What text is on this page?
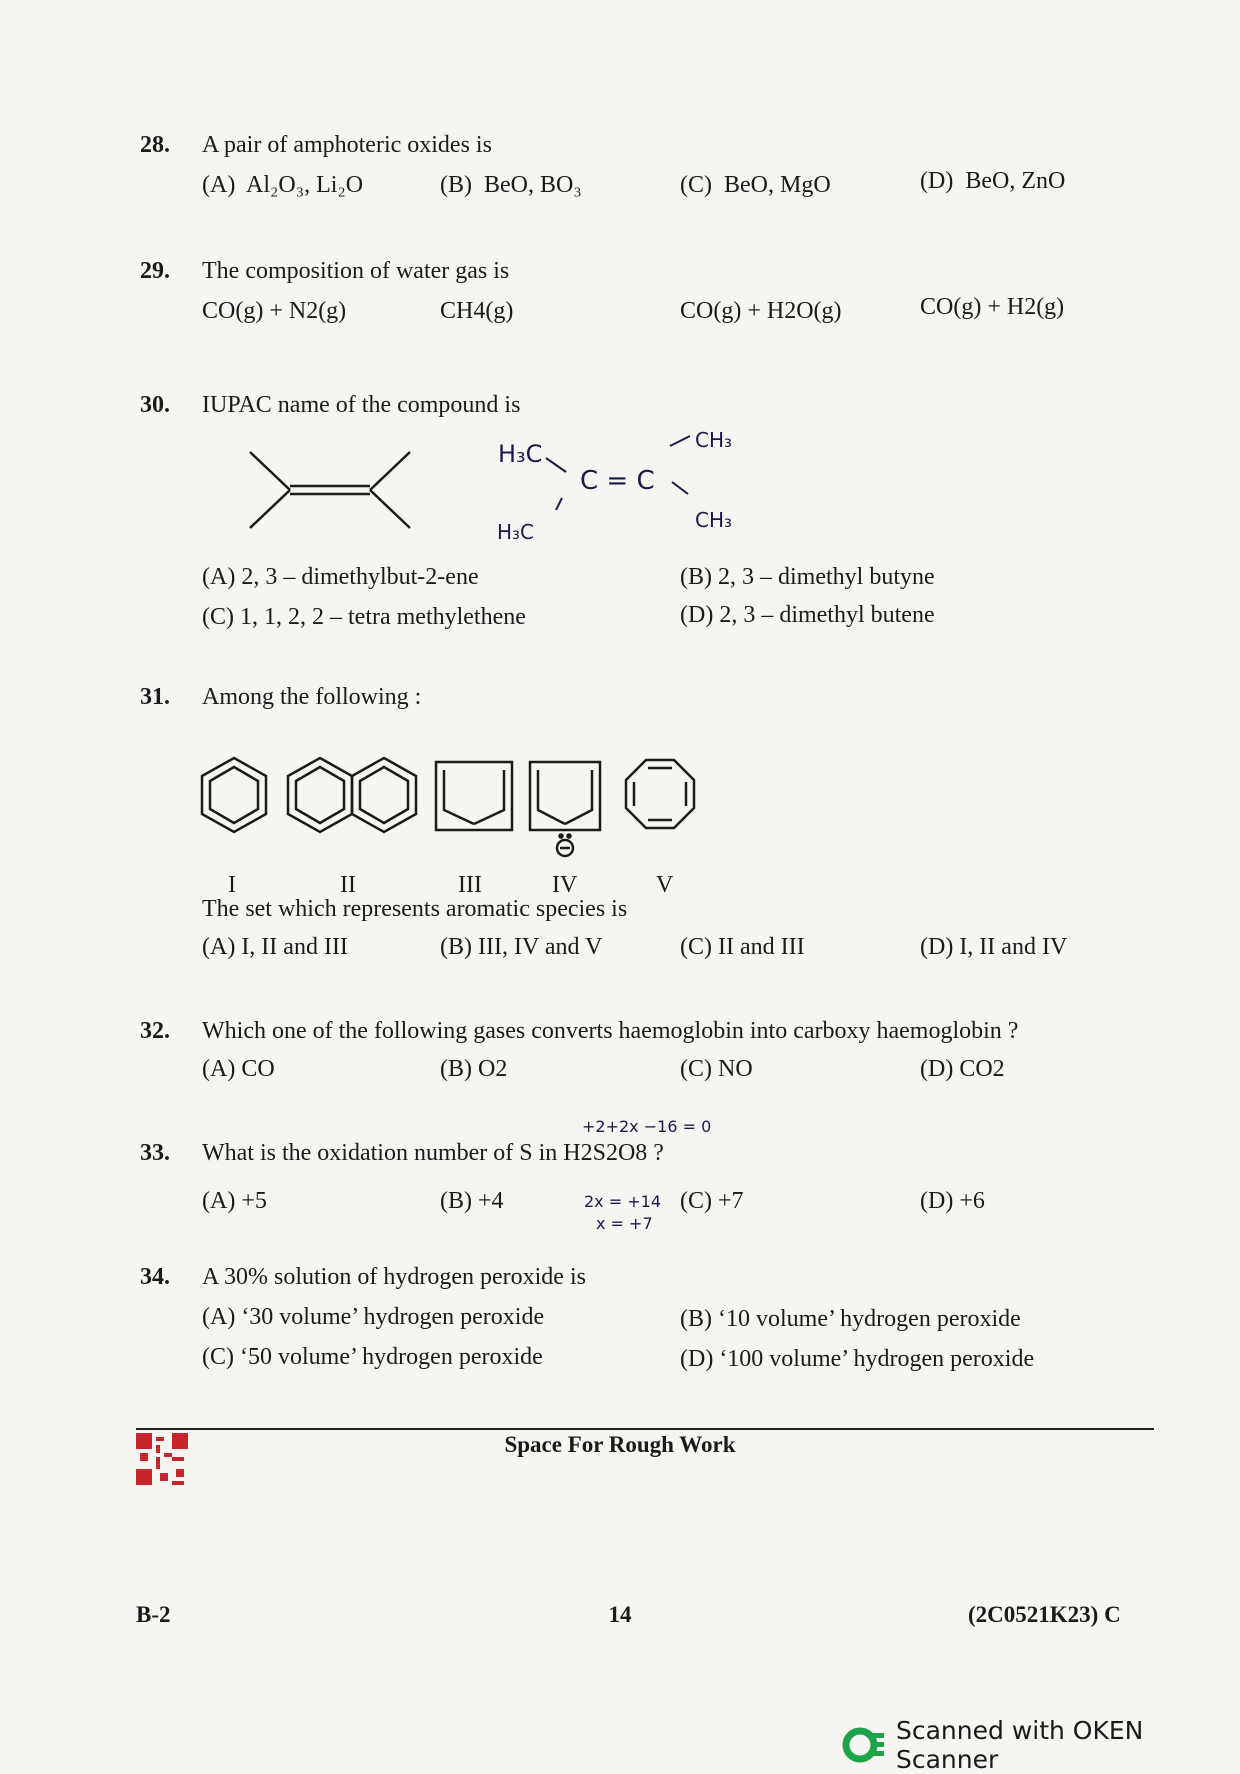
28.	A pair of amphoteric oxides is
(A)  Al₂O₃, Li₂O	(B)  BeO, BO₃	(C)  BeO, MgO	(D)  BeO, ZnO
29.	The composition of water gas is
CO(g) + N2(g)	CH4(g)	CO(g) + H2O(g)	CO(g) + H2(g)
30.	IUPAC name of the compound is
(A) 2, 3 – dimethylbut-2-ene	(B) 2, 3 – dimethyl butyne
(C) 1, 1, 2, 2 – tetra methylethene	(D) 2, 3 – dimethyl butene
H₃C
C = C
CH₃
CH₃
H₃C
31.	Among the following :
The set which represents aromatic species is
(A) I, II and III	(B) III, IV and V	(C) II and III	(D) I, II and IV
I	II	III	IV	V
32.	Which one of the following gases converts haemoglobin into carboxy haemoglobin ?
(A) CO	(B) O2	(C) NO	(D) CO2
+2+2x −16 = 0
33.	What is the oxidation number of S in H2S2O8 ?
(A) +5	(B) +4	(C) +7	(D) +6
2x = +14
x = +7
34.	A 30% solution of hydrogen peroxide is
(A) ‘30 volume’ hydrogen peroxide	(B) ‘10 volume’ hydrogen peroxide
(C) ‘50 volume’ hydrogen peroxide	(D) ‘100 volume’ hydrogen peroxide
Space For Rough Work
B-2	14	(2C0521K23) C
Scanned with OKEN Scanner
